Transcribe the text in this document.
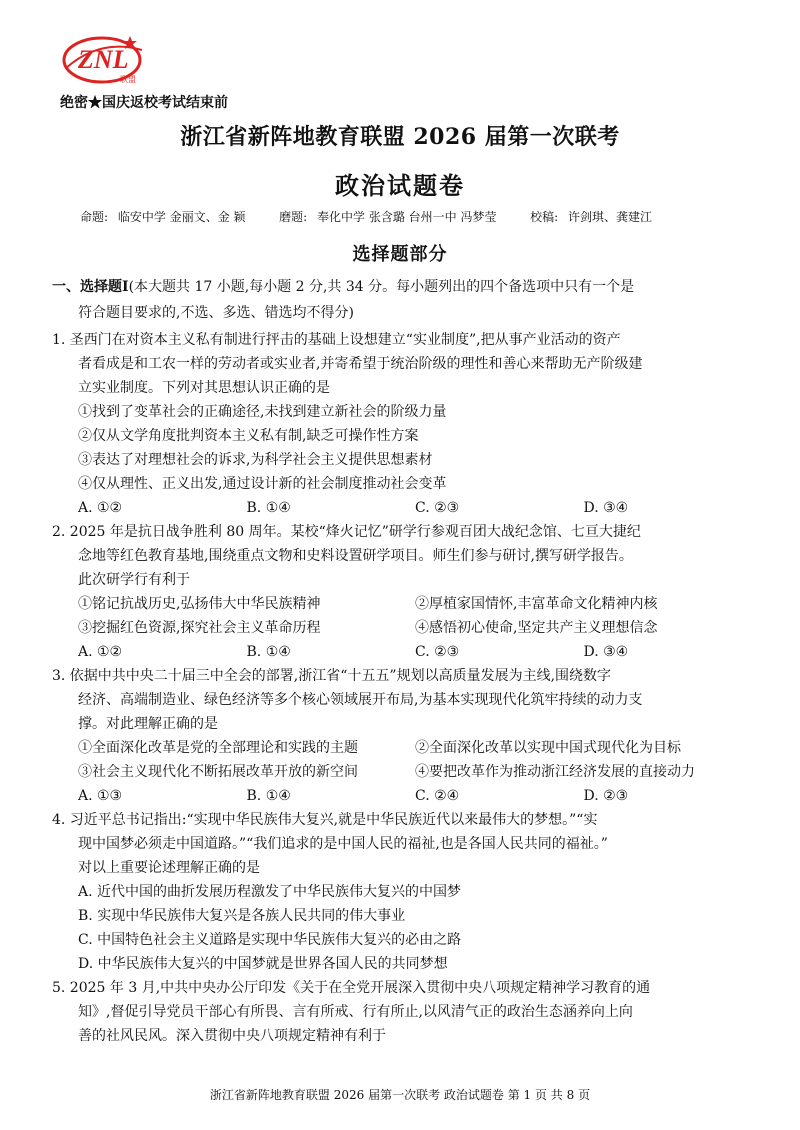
ZNL
联盟
绝密★国庆返校考试结束前
浙江省新阵地教育联盟 2026 届第一次联考
政治试题卷
命题: 临安中学 金丽文、金 颖	磨题: 奉化中学 张含璐 台州一中 冯梦莹	校稿: 许剑琪、龚建江
选择题部分
一、选择题Ⅰ(本大题共 17 小题,每小题 2 分,共 34 分。每小题列出的四个备选项中只有一个是
符合题目要求的,不选、多选、错选均不得分)
1. 圣西门在对资本主义私有制进行抨击的基础上设想建立“实业制度”,把从事产业活动的资产
者看成是和工农一样的劳动者或实业者,并寄希望于统治阶级的理性和善心来帮助无产阶级建
立实业制度。下列对其思想认识正确的是
①找到了变革社会的正确途径,未找到建立新社会的阶级力量
②仅从文学角度批判资本主义私有制,缺乏可操作性方案
③表达了对理想社会的诉求,为科学社会主义提供思想素材
④仅从理性、正义出发,通过设计新的社会制度推动社会变革
A. ①②	B. ①④	C. ②③	D. ③④
2. 2025 年是抗日战争胜利 80 周年。某校“烽火记忆”研学行参观百团大战纪念馆、七亘大捷纪
念地等红色教育基地,围绕重点文物和史料设置研学项目。师生们参与研讨,撰写研学报告。
此次研学行有利于
①铭记抗战历史,弘扬伟大中华民族精神	②厚植家国情怀,丰富革命文化精神内核
③挖掘红色资源,探究社会主义革命历程	④感悟初心使命,坚定共产主义理想信念
A. ①②	B. ①④	C. ②③	D. ③④
3. 依据中共中央二十届三中全会的部署,浙江省“十五五”规划以高质量发展为主线,围绕数字
经济、高端制造业、绿色经济等多个核心领域展开布局,为基本实现现代化筑牢持续的动力支
撑。对此理解正确的是
①全面深化改革是党的全部理论和实践的主题	②全面深化改革以实现中国式现代化为目标
③社会主义现代化不断拓展改革开放的新空间	④要把改革作为推动浙江经济发展的直接动力
A. ①③	B. ①④	C. ②④	D. ②③
4. 习近平总书记指出:“实现中华民族伟大复兴,就是中华民族近代以来最伟大的梦想。”“实
现中国梦必须走中国道路。”“我们追求的是中国人民的福祉,也是各国人民共同的福祉。”
对以上重要论述理解正确的是
A. 近代中国的曲折发展历程激发了中华民族伟大复兴的中国梦
B. 实现中华民族伟大复兴是各族人民共同的伟大事业
C. 中国特色社会主义道路是实现中华民族伟大复兴的必由之路
D. 中华民族伟大复兴的中国梦就是世界各国人民的共同梦想
5. 2025 年 3 月,中共中央办公厅印发《关于在全党开展深入贯彻中央八项规定精神学习教育的通
知》,督促引导党员干部心有所畏、言有所戒、行有所止,以风清气正的政治生态涵养向上向
善的社风民风。深入贯彻中央八项规定精神有利于
浙江省新阵地教育联盟 2026 届第一次联考 政治试题卷 第 1 页 共 8 页
